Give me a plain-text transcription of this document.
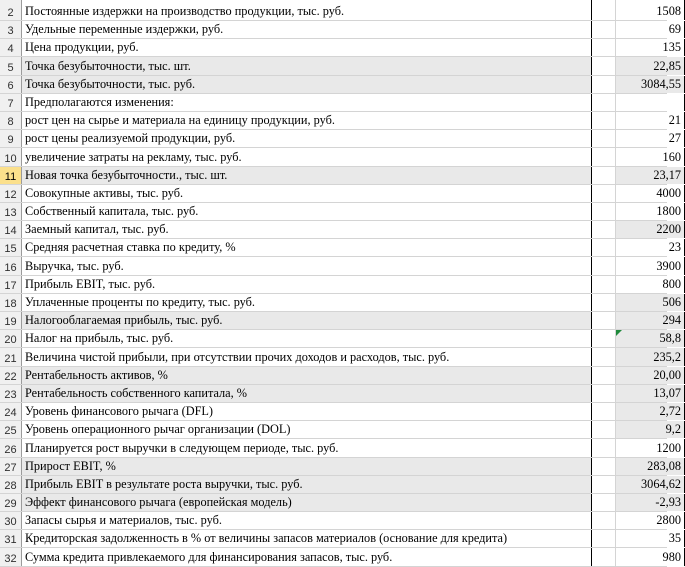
2 Постоянные издержки на производство продукции, тыс. руб.	1508
3 Удельные переменные издержки, руб.	69
4 Цена продукции, руб.	135
5 Точка безубыточности, тыс. шт.	22,85
6 Точка безубыточности, тыс. руб.	3084,55
7 Предполагаются изменения:
8 рост цен на сырье и материала на единицу продукции, руб.	21
9 рост цены реализуемой продукции, руб.	27
10 увеличение затраты на рекламу, тыс. руб.	160
11 Новая точка безубыточности., тыс. шт.	23,17
12 Совокупные активы, тыс. руб.	4000
13 Собственный капитала, тыс. руб.	1800
14 Заемный капитал, тыс. руб.	2200
15 Средняя расчетная ставка по кредиту, %	23
16 Выручка, тыс. руб.	3900
17 Прибыль EBIT, тыс. руб.	800
18 Уплаченные проценты по кредиту, тыс. руб.	506
19 Налогооблагаемая прибыль, тыс. руб.	294
20 Налог на прибыль, тыс. руб.	58,8
21 Величина чистой прибыли, при отсутствии прочих доходов и расходов, тыс. руб.	235,2
22 Рентабельность активов, %	20,00
23 Рентабельность собственного капитала, %	13,07
24 Уровень финансового рычага (DFL)	2,72
25 Уровень операционного рычаг организации (DOL)	9,2
26 Планируется рост выручки в следующем периоде, тыс. руб.	1200
27 Прирост EBIT, %	283,08
28 Прибыль EBIT в результате роста выручки, тыс. руб.	3064,62
29 Эффект финансового рычага (европейская модель)	-2,93
30 Запасы сырья и материалов, тыс. руб.	2800
31 Кредиторская задолженность в % от величины запасов материалов (основание для кредита)	35
32 Сумма кредита привлекаемого для финансирования запасов, тыс. руб.	980
